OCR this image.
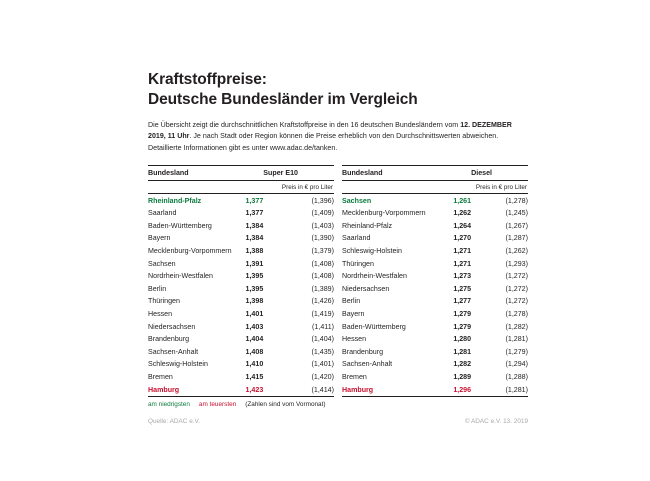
Kraftstoffpreise:
Deutsche Bundesländer im Vergleich

Die Übersicht zeigt die durchschnittlichen Kraftstoffpreise in den 16 deutschen Bundesländern vom 12. DEZEMBER 2019, 11 Uhr. Je nach Stadt oder Region können die Preise erheblich von den Durchschnittswerten abweichen. Detaillierte Informationen gibt es unter www.adac.de/tanken.

Bundesland		Super E10
	Preis in € pro Liter	
Rheinland-Pfalz	1,377	(1,396)
Saarland	1,377	(1,409)
Baden-Württemberg	1,384	(1,403)
Bayern	1,384	(1,390)
Mecklenburg-Vorpommern	1,388	(1,379)
Sachsen	1,391	(1,408)
Nordrhein-Westfalen	1,395	(1,408)
Berlin	1,395	(1,389)
Thüringen	1,398	(1,426)
Hessen	1,401	(1,419)
Niedersachsen	1,403	(1,411)
Brandenburg	1,404	(1,404)
Sachsen-Anhalt	1,408	(1,435)
Schleswig-Holstein	1,410	(1,401)
Bremen	1,415	(1,420)
Hamburg	1,423	(1,414)
Bundesland		Diesel
	Preis in € pro Liter	
Sachsen	1,261	(1,278)
Mecklenburg-Vorpommern	1,262	(1,245)
Rheinland-Pfalz	1,264	(1,267)
Saarland	1,270	(1,287)
Schleswig-Holstein	1,271	(1,262)
Thüringen	1,271	(1,293)
Nordrhein-Westfalen	1,273	(1,272)
Niedersachsen	1,275	(1,272)
Berlin	1,277	(1,272)
Bayern	1,279	(1,278)
Baden-Württemberg	1,279	(1,282)
Hessen	1,280	(1,281)
Brandenburg	1,281	(1,279)
Sachsen-Anhalt	1,282	(1,294)
Bremen	1,289	(1,288)
Hamburg	1,296	(1,281)
am niedrigsten am teuersten (Zahlen sind vom Vormonat)
Quelle: ADAC e.V.	© ADAC e.V. 13. 2019
